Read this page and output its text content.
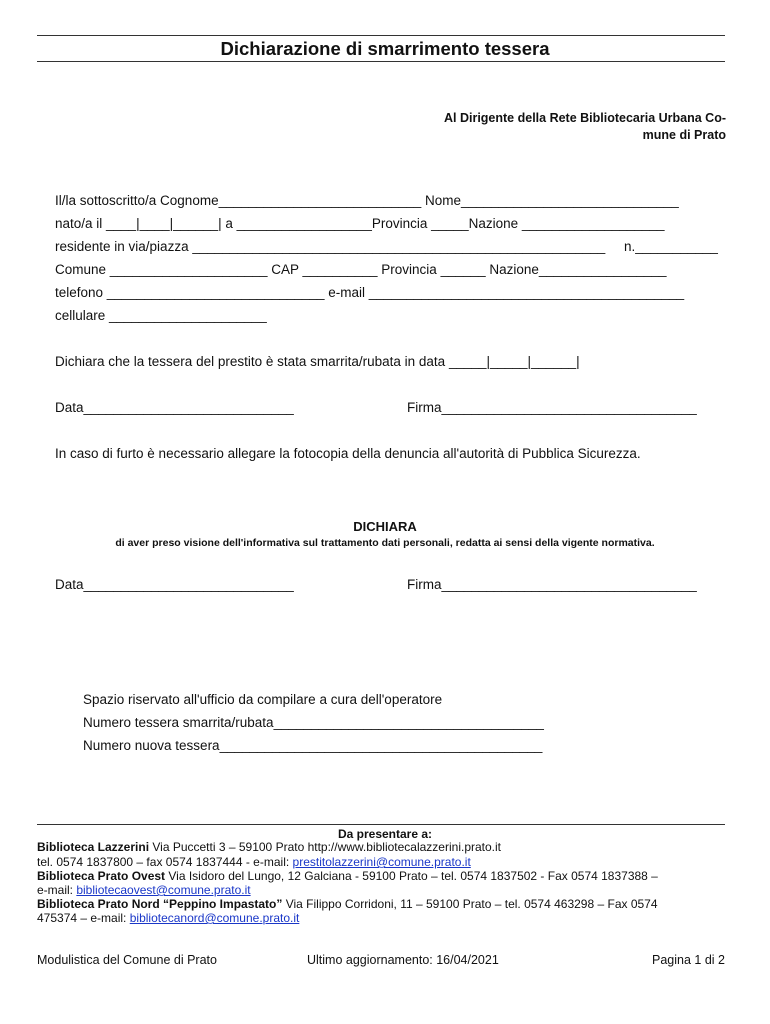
Dichiarazione di smarrimento tessera
Al Dirigente della Rete Bibliotecaria Urbana Co-
mune di Prato
Il/la sottoscritto/a Cognome___________________________ Nome_____________________________
nato/a il ____|____|______| a __________________Provincia _____Nazione ___________________
residente in via/piazza _______________________________________________________     n.___________
Comune _____________________ CAP __________ Provincia ______ Nazione_________________
telefono _____________________________ e-mail __________________________________________
cellulare _____________________
Dichiara che la tessera del prestito è stata smarrita/rubata in data _____|_____|______|
Data____________________________	Firma__________________________________
In caso di furto è necessario allegare la fotocopia della denuncia all'autorità di Pubblica Sicurezza.
DICHIARA
di aver preso visione dell'informativa sul trattamento dati personali, redatta ai sensi della vigente normativa.
Data____________________________	Firma__________________________________
Spazio riservato all'ufficio da compilare a cura dell'operatore
Numero tessera smarrita/rubata____________________________________
Numero nuova tessera___________________________________________
Da presentare a:
Biblioteca Lazzerini Via Puccetti 3 – 59100 Prato http://www.bibliotecalazzerini.prato.it
tel. 0574 1837800 – fax 0574 1837444 - e-mail: prestitolazzerini@comune.prato.it
Biblioteca Prato Ovest Via Isidoro del Lungo, 12 Galciana - 59100 Prato – tel. 0574 1837502 - Fax 0574 1837388 –
e-mail: bibliotecaovest@comune.prato.it
Biblioteca Prato Nord “Peppino Impastato” Via Filippo Corridoni, 11 – 59100 Prato – tel. 0574 463298 – Fax 0574
475374 – e-mail: bibliotecanord@comune.prato.it
Modulistica del Comune di Prato	Ultimo aggiornamento: 16/04/2021	Pagina 1 di 2
